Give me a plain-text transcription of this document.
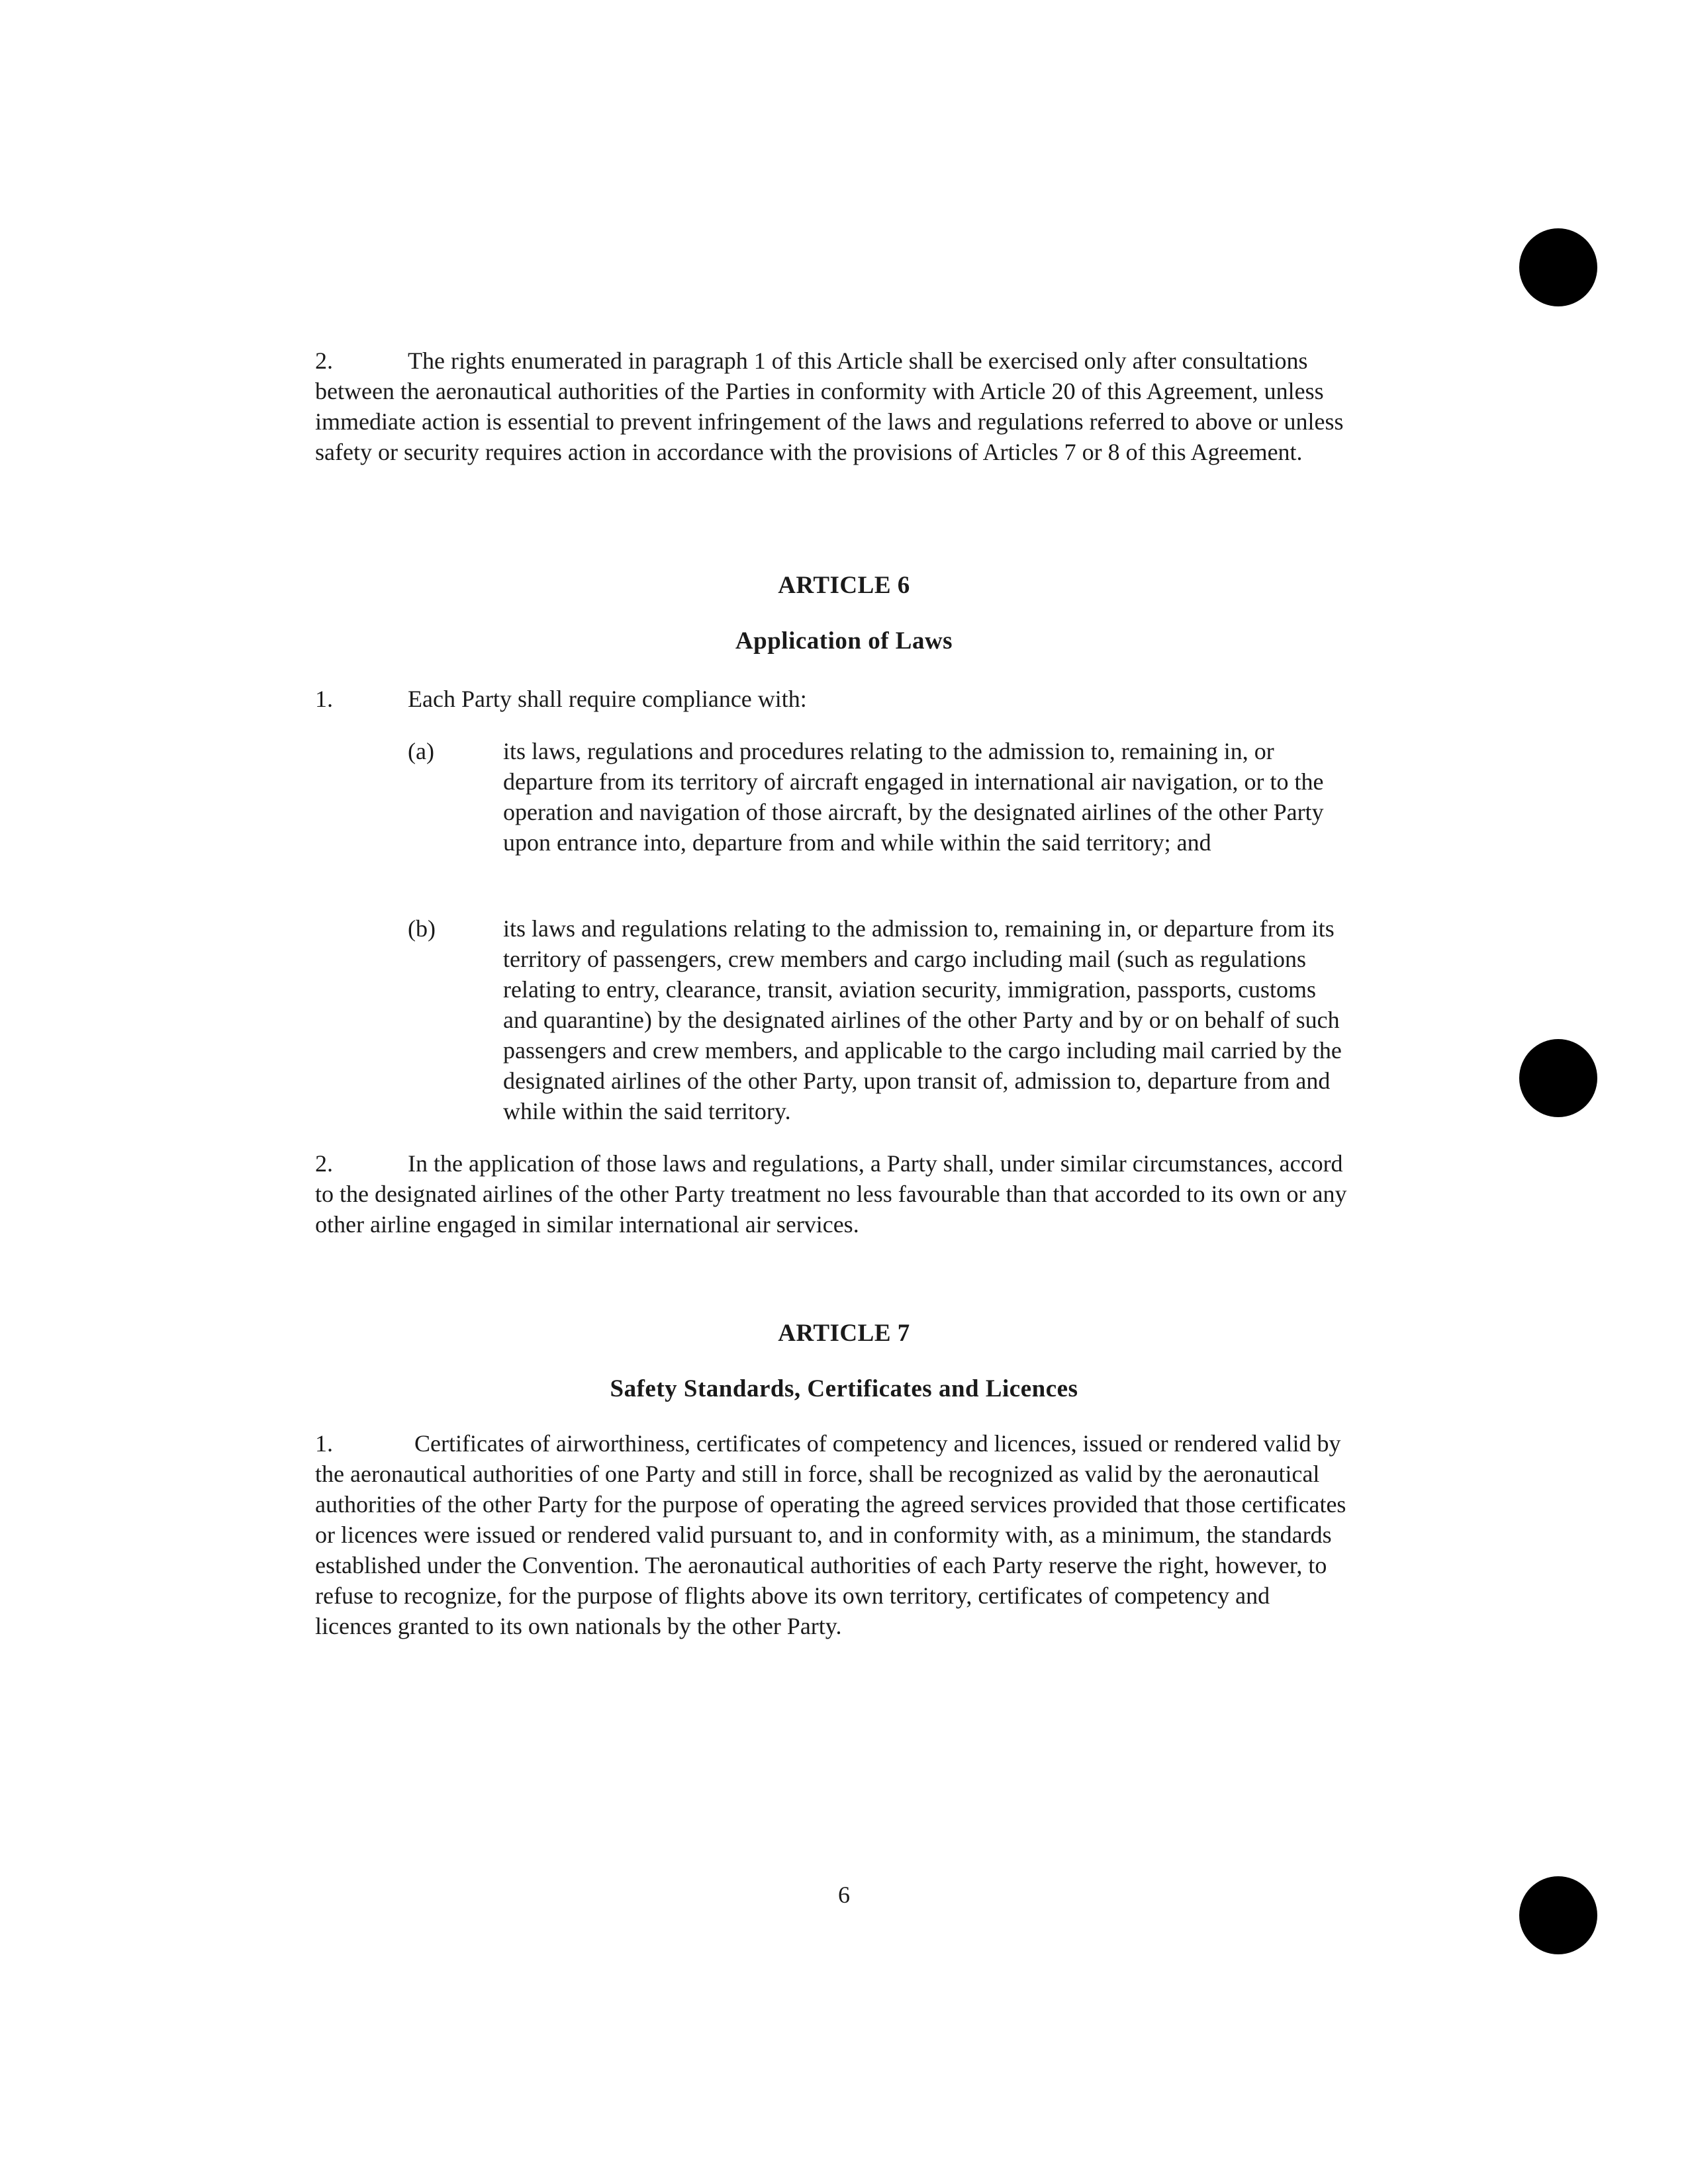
2.	The rights enumerated in paragraph 1 of this Article shall be exercised only after consultations between the aeronautical authorities of the Parties in conformity with Article 20 of this Agreement, unless immediate action is essential to prevent infringement of the laws and regulations referred to above or unless safety or security requires action in accordance with the provisions of Articles 7 or 8 of this Agreement.
ARTICLE 6
Application of Laws
1.	Each Party shall require compliance with:
(a)	its laws, regulations and procedures relating to the admission to, remaining in, or departure from its territory of aircraft engaged in international air navigation, or to the operation and navigation of those aircraft, by the designated airlines of the other Party upon entrance into, departure from and while within the said territory; and
(b)	its laws and regulations relating to the admission to, remaining in, or departure from its territory of passengers, crew members and cargo including mail (such as regulations relating to entry, clearance, transit, aviation security, immigration, passports, customs and quarantine) by the designated airlines of the other Party and by or on behalf of such passengers and crew members, and applicable to the cargo including mail carried by the designated airlines of the other Party, upon transit of, admission to, departure from and while within the said territory.
2.	In the application of those laws and regulations, a Party shall, under similar circumstances, accord to the designated airlines of the other Party treatment no less favourable than that accorded to its own or any other airline engaged in similar international air services.
ARTICLE 7
Safety Standards, Certificates and Licences
1.	Certificates of airworthiness, certificates of competency and licences, issued or rendered valid by the aeronautical authorities of one Party and still in force, shall be recognized as valid by the aeronautical authorities of the other Party for the purpose of operating the agreed services provided that those certificates or licences were issued or rendered valid pursuant to, and in conformity with, as a minimum, the standards established under the Convention. The aeronautical authorities of each Party reserve the right, however, to refuse to recognize, for the purpose of flights above its own territory, certificates of competency and licences granted to its own nationals by the other Party.
6
